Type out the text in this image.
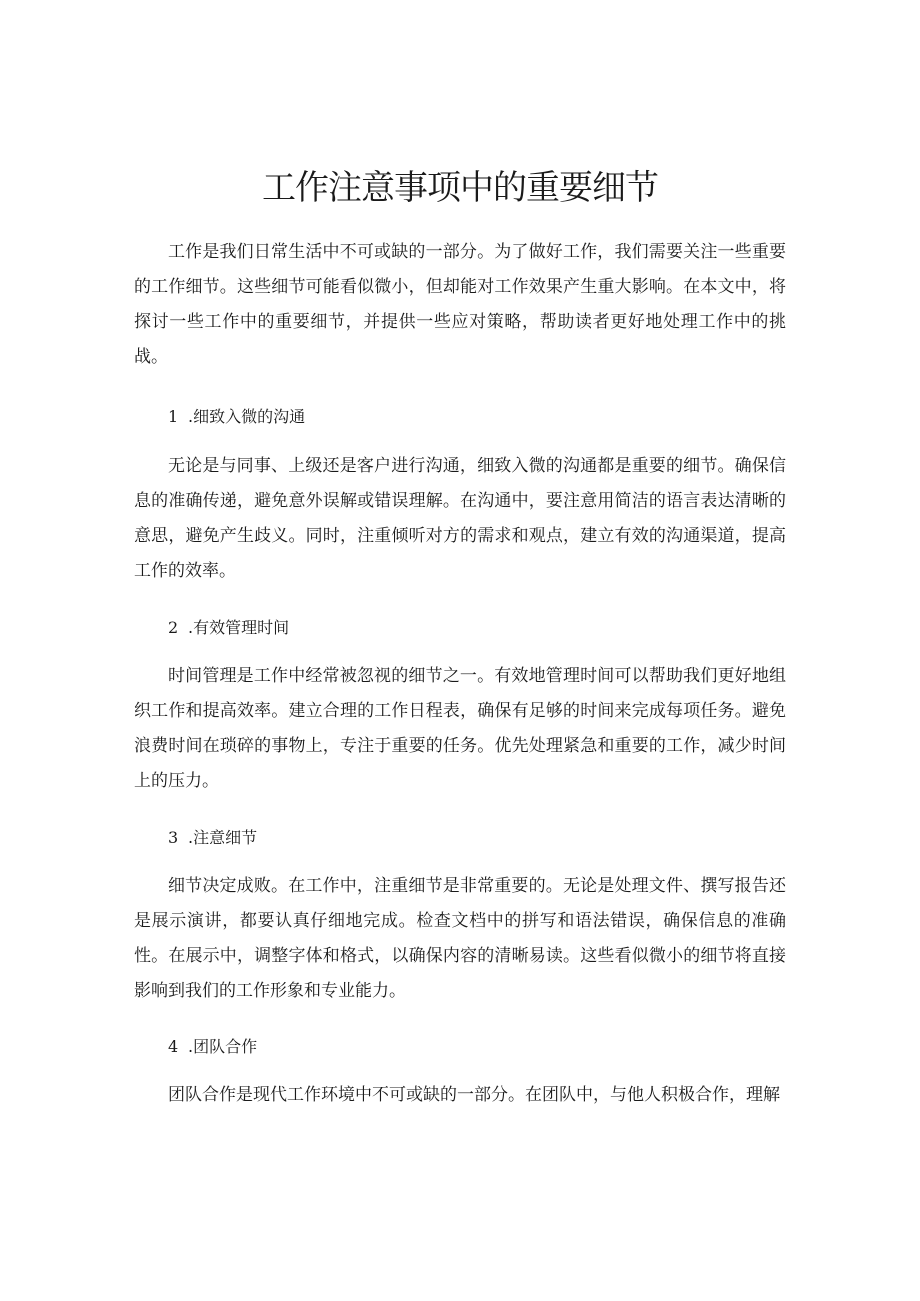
工作注意事项中的重要细节

工作是我们日常生活中不可或缺的一部分。为了做好工作，我们需要关注一些重要的工作细节。这些细节可能看似微小，但却能对工作效果产生重大影响。在本文中，将探讨一些工作中的重要细节，并提供一些应对策略，帮助读者更好地处理工作中的挑战。

1 .细致入微的沟通

无论是与同事、上级还是客户进行沟通，细致入微的沟通都是重要的细节。确保信息的准确传递，避免意外误解或错误理解。在沟通中，要注意用简洁的语言表达清晰的意思，避免产生歧义。同时，注重倾听对方的需求和观点，建立有效的沟通渠道，提高工作的效率。

2 .有效管理时间

时间管理是工作中经常被忽视的细节之一。有效地管理时间可以帮助我们更好地组织工作和提高效率。建立合理的工作日程表，确保有足够的时间来完成每项任务。避免浪费时间在琐碎的事物上，专注于重要的任务。优先处理紧急和重要的工作，减少时间上的压力。

3 .注意细节

细节决定成败。在工作中，注重细节是非常重要的。无论是处理文件、撰写报告还是展示演讲，都要认真仔细地完成。检查文档中的拼写和语法错误，确保信息的准确性。在展示中，调整字体和格式，以确保内容的清晰易读。这些看似微小的细节将直接影响到我们的工作形象和专业能力。

4 .团队合作

团队合作是现代工作环境中不可或缺的一部分。在团队中，与他人积极合作，理解
